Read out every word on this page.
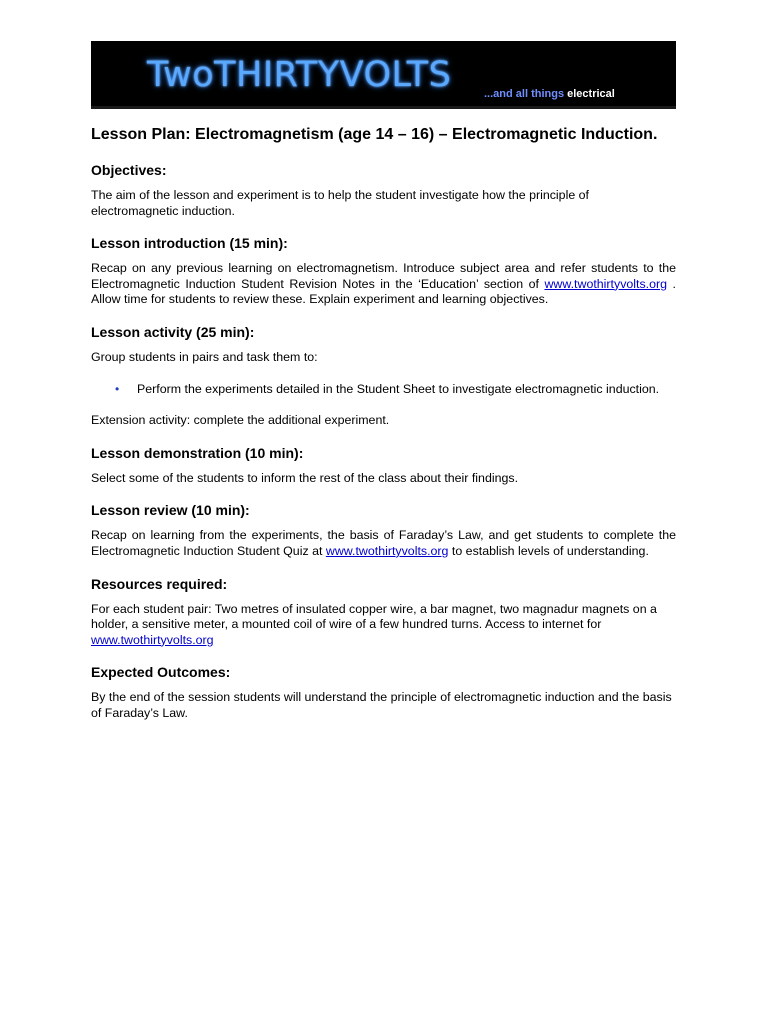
TwoTHIRTYVOLTS	...and all things electrical
Lesson Plan: Electromagnetism (age 14 – 16) – Electromagnetic Induction.
Objectives:

The aim of the lesson and experiment is to help the student investigate how the principle of electromagnetic induction.

Lesson introduction (15 min):

Recap on any previous learning on electromagnetism. Introduce subject area and refer students to the Electromagnetic Induction Student Revision Notes in the ‘Education’ section of www.twothirtyvolts.org . Allow time for students to review these. Explain experiment and learning objectives.

Lesson activity (25 min):

Group students in pairs and task them to:

• Perform the experiments detailed in the Student Sheet to investigate electromagnetic induction.

Extension activity: complete the additional experiment.

Lesson demonstration (10 min):

Select some of the students to inform the rest of the class about their findings.

Lesson review (10 min):

Recap on learning from the experiments, the basis of Faraday’s Law, and get students to complete the Electromagnetic Induction Student Quiz at www.twothirtyvolts.org to establish levels of understanding.

Resources required:

For each student pair: Two metres of insulated copper wire, a bar magnet, two magnadur magnets on a holder, a sensitive meter, a mounted coil of wire of a few hundred turns. Access to internet for www.twothirtyvolts.org

Expected Outcomes:

By the end of the session students will understand the principle of electromagnetic induction and the basis of Faraday’s Law.
